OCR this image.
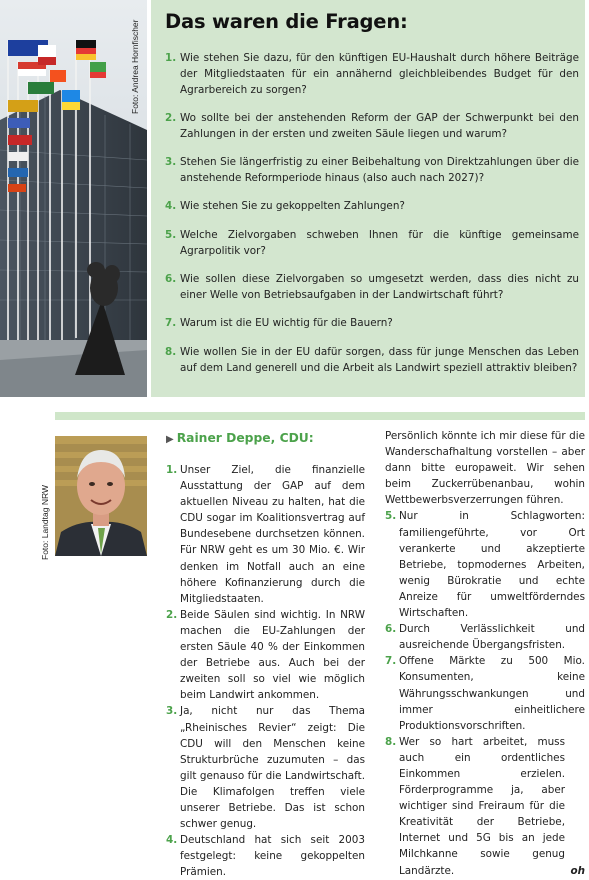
Foto: Andrea Hornfischer Das waren die Fragen:
1. Wie stehen Sie dazu, für den künftigen EU-Haushalt durch höhere Beiträge der Mitgliedstaaten für ein annähernd gleichbleibendes Budget für den Agrarbereich zu sorgen?
2. Wo sollte bei der anstehenden Reform der GAP der Schwerpunkt bei den Zahlungen in der ersten und zweiten Säule liegen und warum?
3. Stehen Sie längerfristig zu einer Beibehaltung von Direktzahlungen über die anstehende Reformperiode hinaus (also auch nach 2027)?
4. Wie stehen Sie zu gekoppelten Zahlungen?
5. Welche Zielvorgaben schweben Ihnen für die künftige gemeinsame Agrarpolitik vor?
6. Wie sollen diese Zielvorgaben so umgesetzt werden, dass dies nicht zu einer Welle von Betriebsaufgaben in der Landwirtschaft führt?
7. Warum ist die EU wichtig für die Bauern?
8. Wie wollen Sie in der EU dafür sorgen, dass für junge Menschen das Leben auf dem Land generell und die Arbeit als Landwirt speziell attraktiv bleiben?
Foto: Landtag NRW
▶ Rainer Deppe, CDU:
1. Unser Ziel, die finanzielle Ausstattung der GAP auf dem aktuellen Niveau zu halten, hat die CDU sogar im Koalitionsvertrag auf Bundesebene durchsetzen können. Für NRW geht es um 30 Mio. €. Wir denken im Notfall auch an eine höhere Kofinanzierung durch die Mitgliedstaaten.
2. Beide Säulen sind wichtig. In NRW machen die EU-Zahlungen der ersten Säule 40 % der Einkommen der Betriebe aus. Auch bei der zweiten soll so viel wie möglich beim Landwirt ankommen.
3. Ja, nicht nur das Thema „Rheinisches Revier“ zeigt: Die CDU will den Menschen keine Strukturbrüche zuzumuten – das gilt genauso für die Landwirtschaft. Die Klimafolgen treffen viele unserer Betriebe. Das ist schon schwer genug.
4. Deutschland hat sich seit 2003 festgelegt: keine gekoppelten Prämien.

Persönlich könnte ich mir diese für die Wanderschafhaltung vorstellen – aber dann bitte europaweit. Wir sehen beim Zuckerrübenanbau, wohin Wettbewerbsverzerrungen führen.

5. Nur in Schlagworten: familiengeführte, vor Ort verankerte und akzeptierte Betriebe, topmodernes Arbeiten, wenig Bürokratie und echte Anreize für umweltförderndes Wirtschaften.
6. Durch Verlässlichkeit und ausreichende Übergangsfristen.
7. Offene Märkte zu 500 Mio. Konsumenten, keine Währungsschwankungen und immer einheitlichere Produktionsvorschriften.
8. Wer so hart arbeitet, muss auch ein ordentliches Einkommen erzielen. Förderprogramme ja, aber wichtiger sind Freiraum für die Kreativität der Betriebe, Internet und 5G bis an jede Milchkanne sowie genug Landärzte.	oh
